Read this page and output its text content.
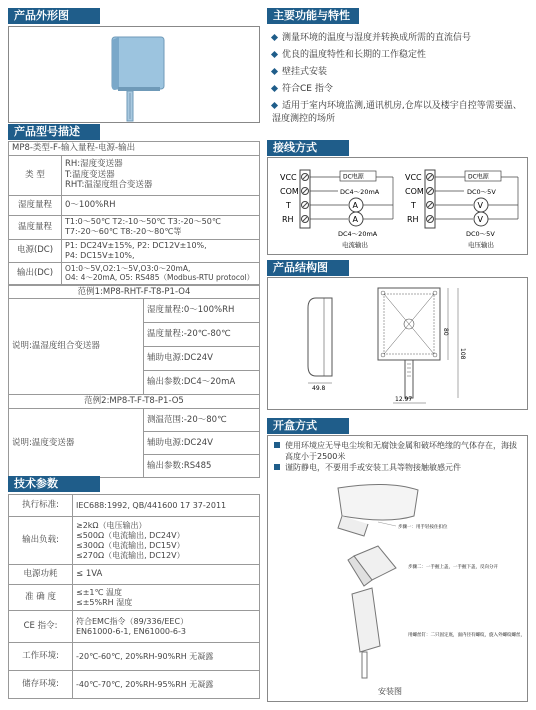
产品外形图
产品型号描述
MP8-类型-F-输入量程-电源-输出	
类 型	RH:湿度变送器
T:温度变送器
RHT:温湿度组合变送器

湿度量程	0～100%RH
温度量程	T1:0～50℃ T2:-10～50℃ T3:-20～50℃
T7:-20～60℃ T8:-20～80℃等

电源(DC)	P1: DC24V±15%, P2: DC12V±10%,
P4: DC15V±10%,

输出(DC)	O1:0～5V,O2:1～5V,O3:0～20mA,
O4: 4～20mA, O5: RS485（Modbus-RTU protocol）
范例1:MP8-RHT-F-T8-P1-O4	
说明:温湿度组合变送器	湿度量程:0～100%RH
	温度量程:-20℃-80℃
	辅助电源:DC24V
	输出参数:DC4～20mA
范例2:MP8-T-F-T8-P1-O5	
说明:温度变送器	测温范围:-20～80℃
	辅助电源:DC24V
	输出参数:RS485
技术参数
执行标准:	IEC688:1992, QB/441600 17 37-2011
输出负载:	≥2kΩ（电压输出）
≤500Ω（电流输出, DC24V）
≤300Ω（电流输出, DC15V）
≤270Ω（电流输出, DC12V）

电源功耗	≤ 1VA
准 确 度	≤±1℃ 温度
≤±5%RH 湿度

CE 指令:	符合EMC指令（89/336/EEC）
EN61000-6-1, EN61000-6-3

工作环境:	-20℃-60℃, 20%RH-90%RH 无凝露
储存环境:	-40℃-70℃, 20%RH-95%RH 无凝露
主要功能与特性
测量环境的温度与湿度并转换成所需的直流信号
优良的温度特性和长期的工作稳定性
壁挂式安装
符合CE 指令
适用于室内环境监测,通讯机房,仓库以及楼宇自控等需要温、湿度测控的场所
接线方式
VCC
COM
T
RH
DC电源
DC4～20mA
A
A
DC4～20mA
电流输出
VCC
COM
T
RH
DC电源
DC0～5V
V
V
DC0～5V
电压输出
产品结构图
49.8
108
80
12.97
开盒方式
使用环境应无导电尘埃和无腐蚀金属和破坏绝缘的气体存在，海拔高度小于2500米
谨防静电，不要用手或安装工具等物接触敏感元件
步骤一：用手轻按住扣位
步骤二：一手握上盖，一手握下盖，反向分开
用螺丝钉：二只固定底，面内径有螺纹，旋入外螺纹螺丝，
安装图
